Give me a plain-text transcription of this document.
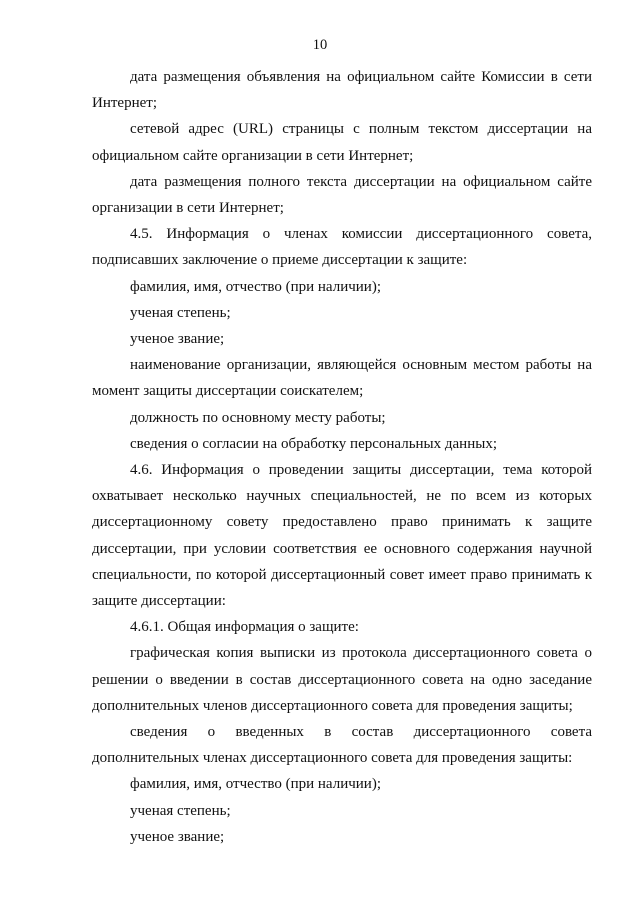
10

дата размещения объявления на официальном сайте Комиссии в сети Интернет;

сетевой адрес (URL) страницы с полным текстом диссертации на официальном сайте организации в сети Интернет;

дата размещения полного текста диссертации на официальном сайте организации в сети Интернет;

4.5. Информация о членах комиссии диссертационного совета, подписавших заключение о приеме диссертации к защите:

фамилия, имя, отчество (при наличии);

ученая степень;

ученое звание;

наименование организации, являющейся основным местом работы на момент защиты диссертации соискателем;

должность по основному месту работы;

сведения о согласии на обработку персональных данных;

4.6. Информация о проведении защиты диссертации, тема которой охватывает несколько научных специальностей, не по всем из которых диссертационному совету предоставлено право принимать к защите диссертации, при условии соответствия ее основного содержания научной специальности, по которой диссертационный совет имеет право принимать к защите диссертации:

4.6.1. Общая информация о защите:

графическая копия выписки из протокола диссертационного совета о решении о введении в состав диссертационного совета на одно заседание дополнительных членов диссертационного совета для проведения защиты;

сведения о введенных в состав диссертационного совета дополнительных членах диссертационного совета для проведения защиты:

фамилия, имя, отчество (при наличии);

ученая степень;

ученое звание;
